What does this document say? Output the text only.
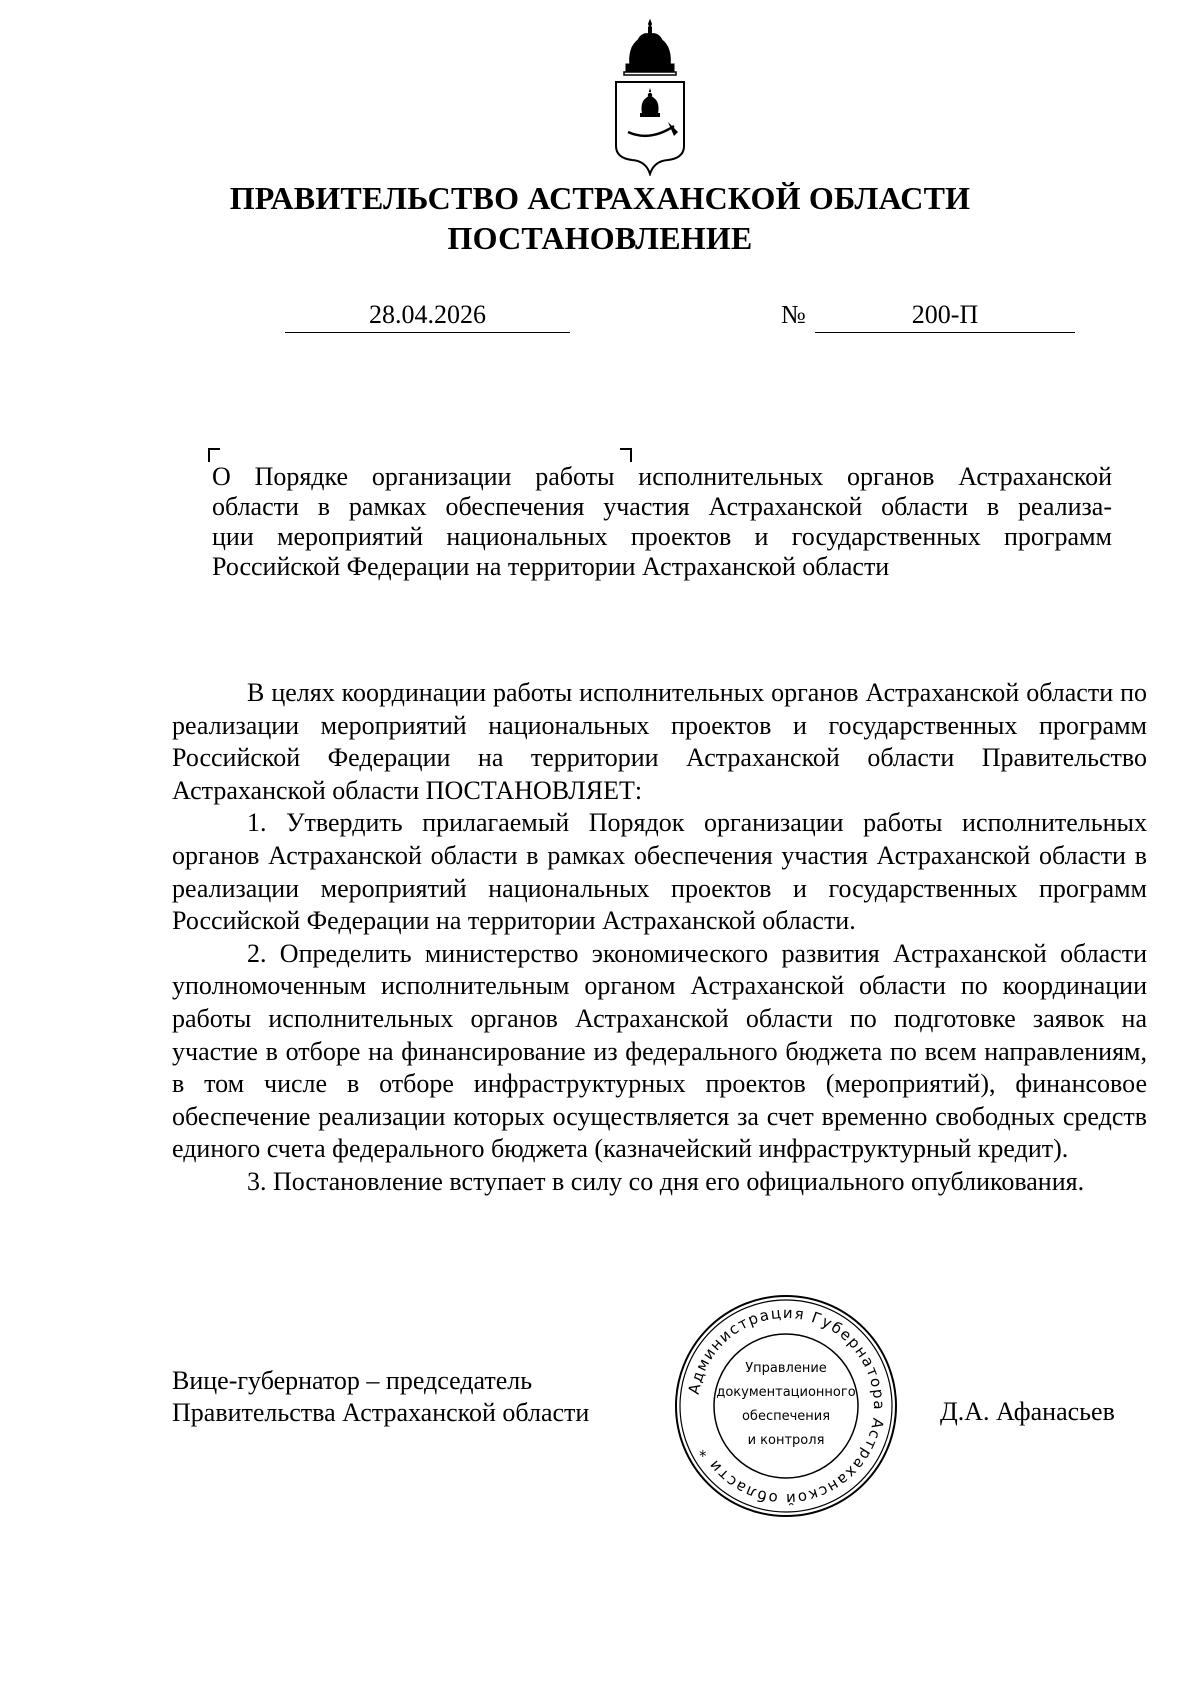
ПРАВИТЕЛЬСТВО АСТРАХАНСКОЙ ОБЛАСТИ
ПОСТАНОВЛЕНИЕ
28.04.2026	№	200-П
О Порядке организации работы исполнительных органов Астраханской
области в рамках обеспечения участия Астраханской области в реализа-
ции мероприятий национальных проектов и государственных программ
Российской Федерации на территории Астраханской области

В целях координации работы исполнительных органов Астраханской области по реализации мероприятий национальных проектов и государственных программ Российской Федерации на территории Астраханской области Правительство Астраханской области ПОСТАНОВЛЯЕТ:

1. Утвердить прилагаемый Порядок организации работы исполнительных органов Астраханской области в рамках обеспечения участия Астраханской области в реализации мероприятий национальных проектов и государственных программ Российской Федерации на территории Астраханской области.

2. Определить министерство экономического развития Астраханской области уполномоченным исполнительным органом Астраханской области по координации работы исполнительных органов Астраханской области по подготовке заявок на участие в отборе на финансирование из федерального бюджета по всем направлениям, в том числе в отборе инфраструктурных проектов (мероприятий), финансовое обеспечение реализации которых осуществляется за счет временно свободных средств единого счета федерального бюджета (казначейский инфраструктурный кредит).

3. Постановление вступает в силу со дня его официального опубликования.

Вице-губернатор – председатель
Правительства Астраханской области	Д.А. Афанасьев
Администрация Губернатора Астраханской области *
Управление
документационного
обеспечения
и контроля
